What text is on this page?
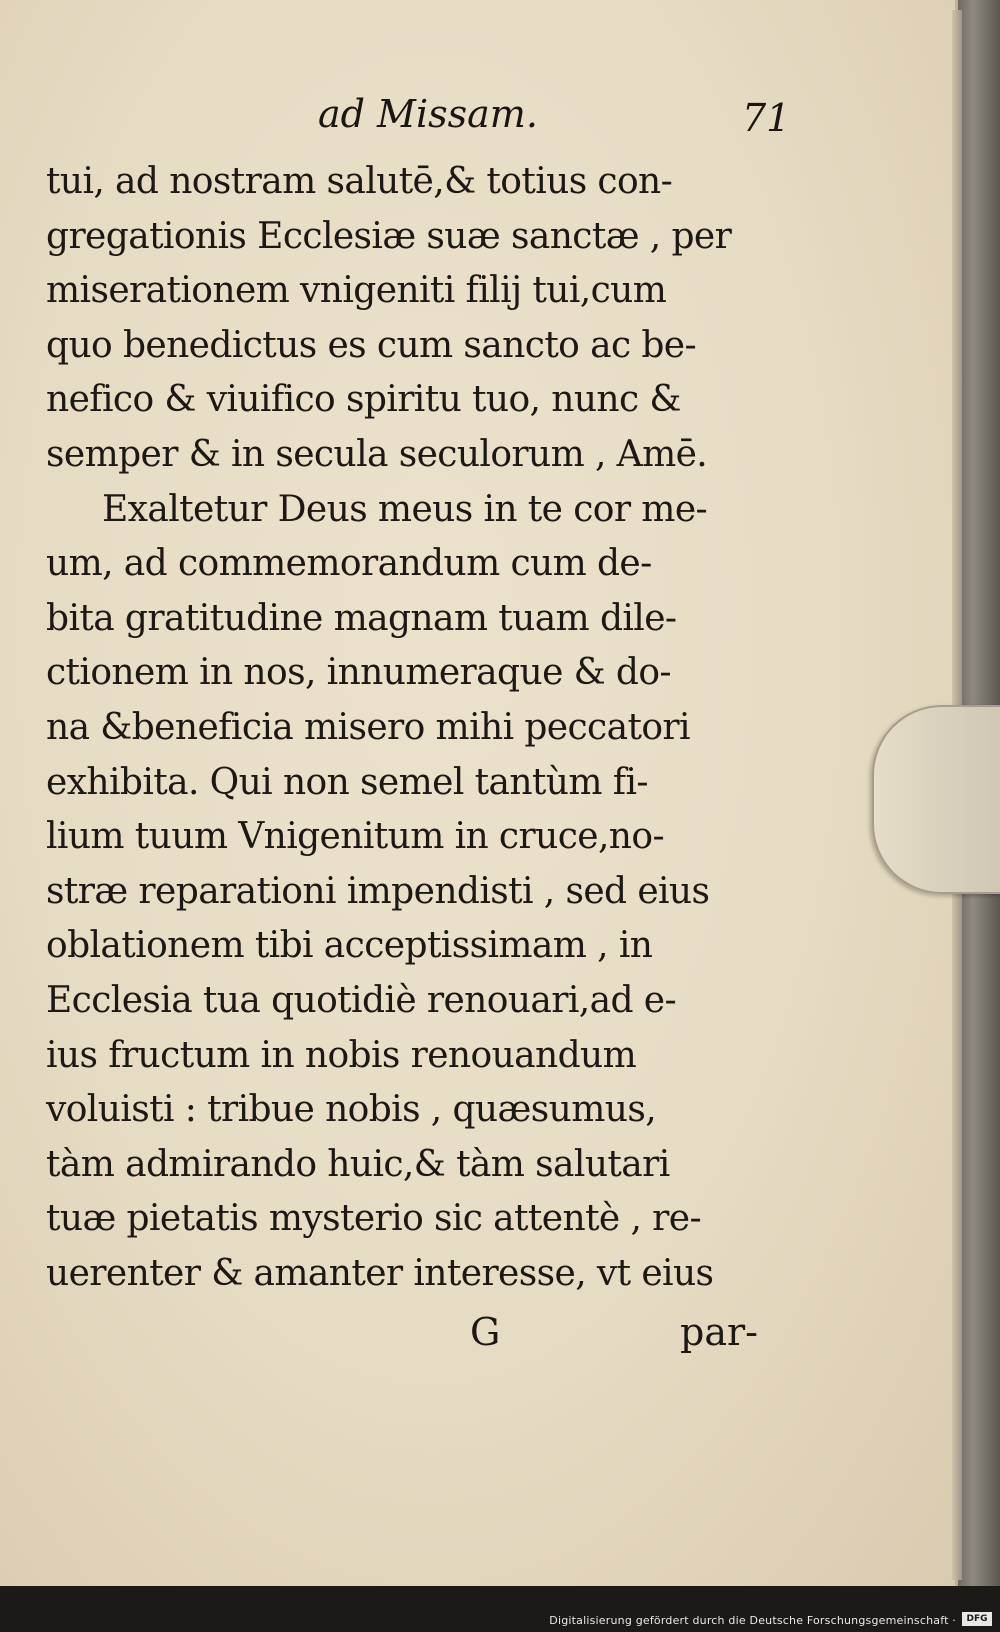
ad Missam.	71
tui, ad nostram salutē,& totius con-
gregationis Ecclesiæ suæ sanctæ , per
miserationem vnigeniti filij tui,cum
quo benedictus es cum sancto ac be-
nefico & viuifico spiritu tuo, nunc &
semper & in secula seculorum , Amē.
Exaltetur Deus meus in te cor me-
um, ad commemorandum cum de-
bita gratitudine magnam tuam dile-
ctionem in nos, innumeraque & do-
na &beneficia misero mihi peccatori
exhibita. Qui non semel tantùm fi-
lium tuum Vnigenitum in cruce,no-
stræ reparationi impendisti , sed eius
oblationem tibi acceptissimam , in
Ecclesia tua quotidiè renouari,ad e-
ius fructum in nobis renouandum
voluisti : tribue nobis , quæsumus,
tàm admirando huic,& tàm salutari
tuæ pietatis mysterio sic attentè , re-
uerenter & amanter interesse, vt eius
G	par-
Digitalisierung gefördert durch die Deutsche Forschungsgemeinschaft ·	DFG
